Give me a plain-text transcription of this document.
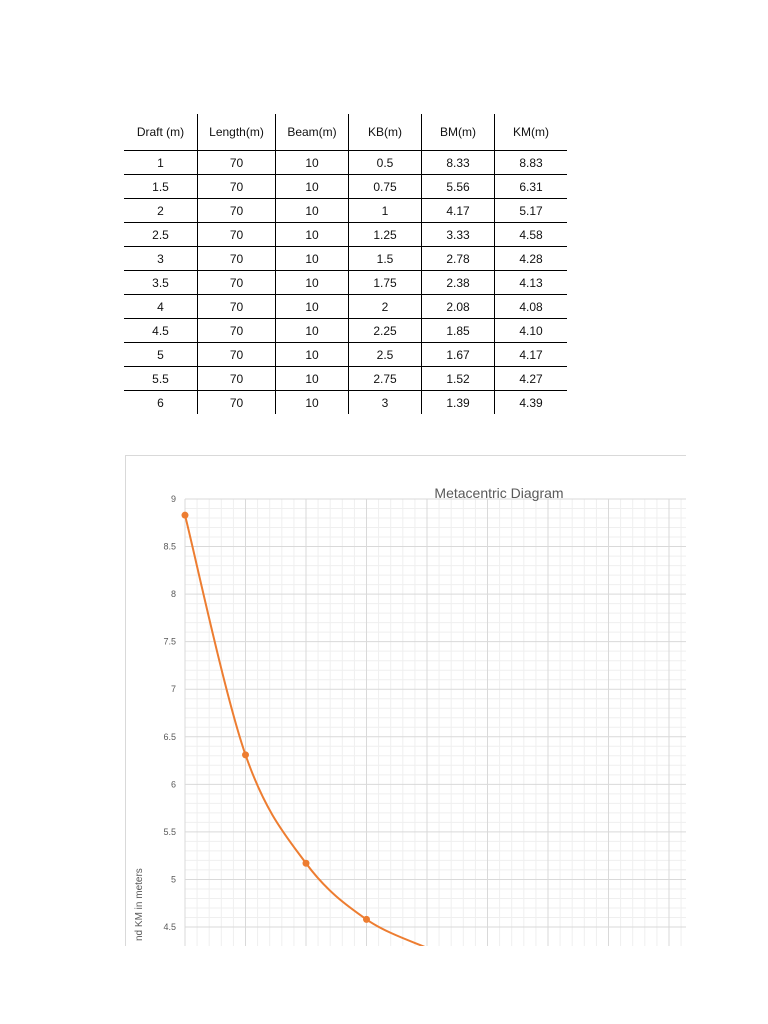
Draft (m)	Length(m)	Beam(m)	KB(m)	BM(m)	KM(m)
1	70	10	0.5	8.33	8.83
1.5	70	10	0.75	5.56	6.31
2	70	10	1	4.17	5.17
2.5	70	10	1.25	3.33	4.58
3	70	10	1.5	2.78	4.28
3.5	70	10	1.75	2.38	4.13
4	70	10	2	2.08	4.08
4.5	70	10	2.25	1.85	4.10
5	70	10	2.5	1.67	4.17
5.5	70	10	2.75	1.52	4.27
6	70	10	3	1.39	4.39
9
8.5
8
7.5
7
6.5
6
5.5
5
4.5
Metacentric Diagram
nd KM in meters
